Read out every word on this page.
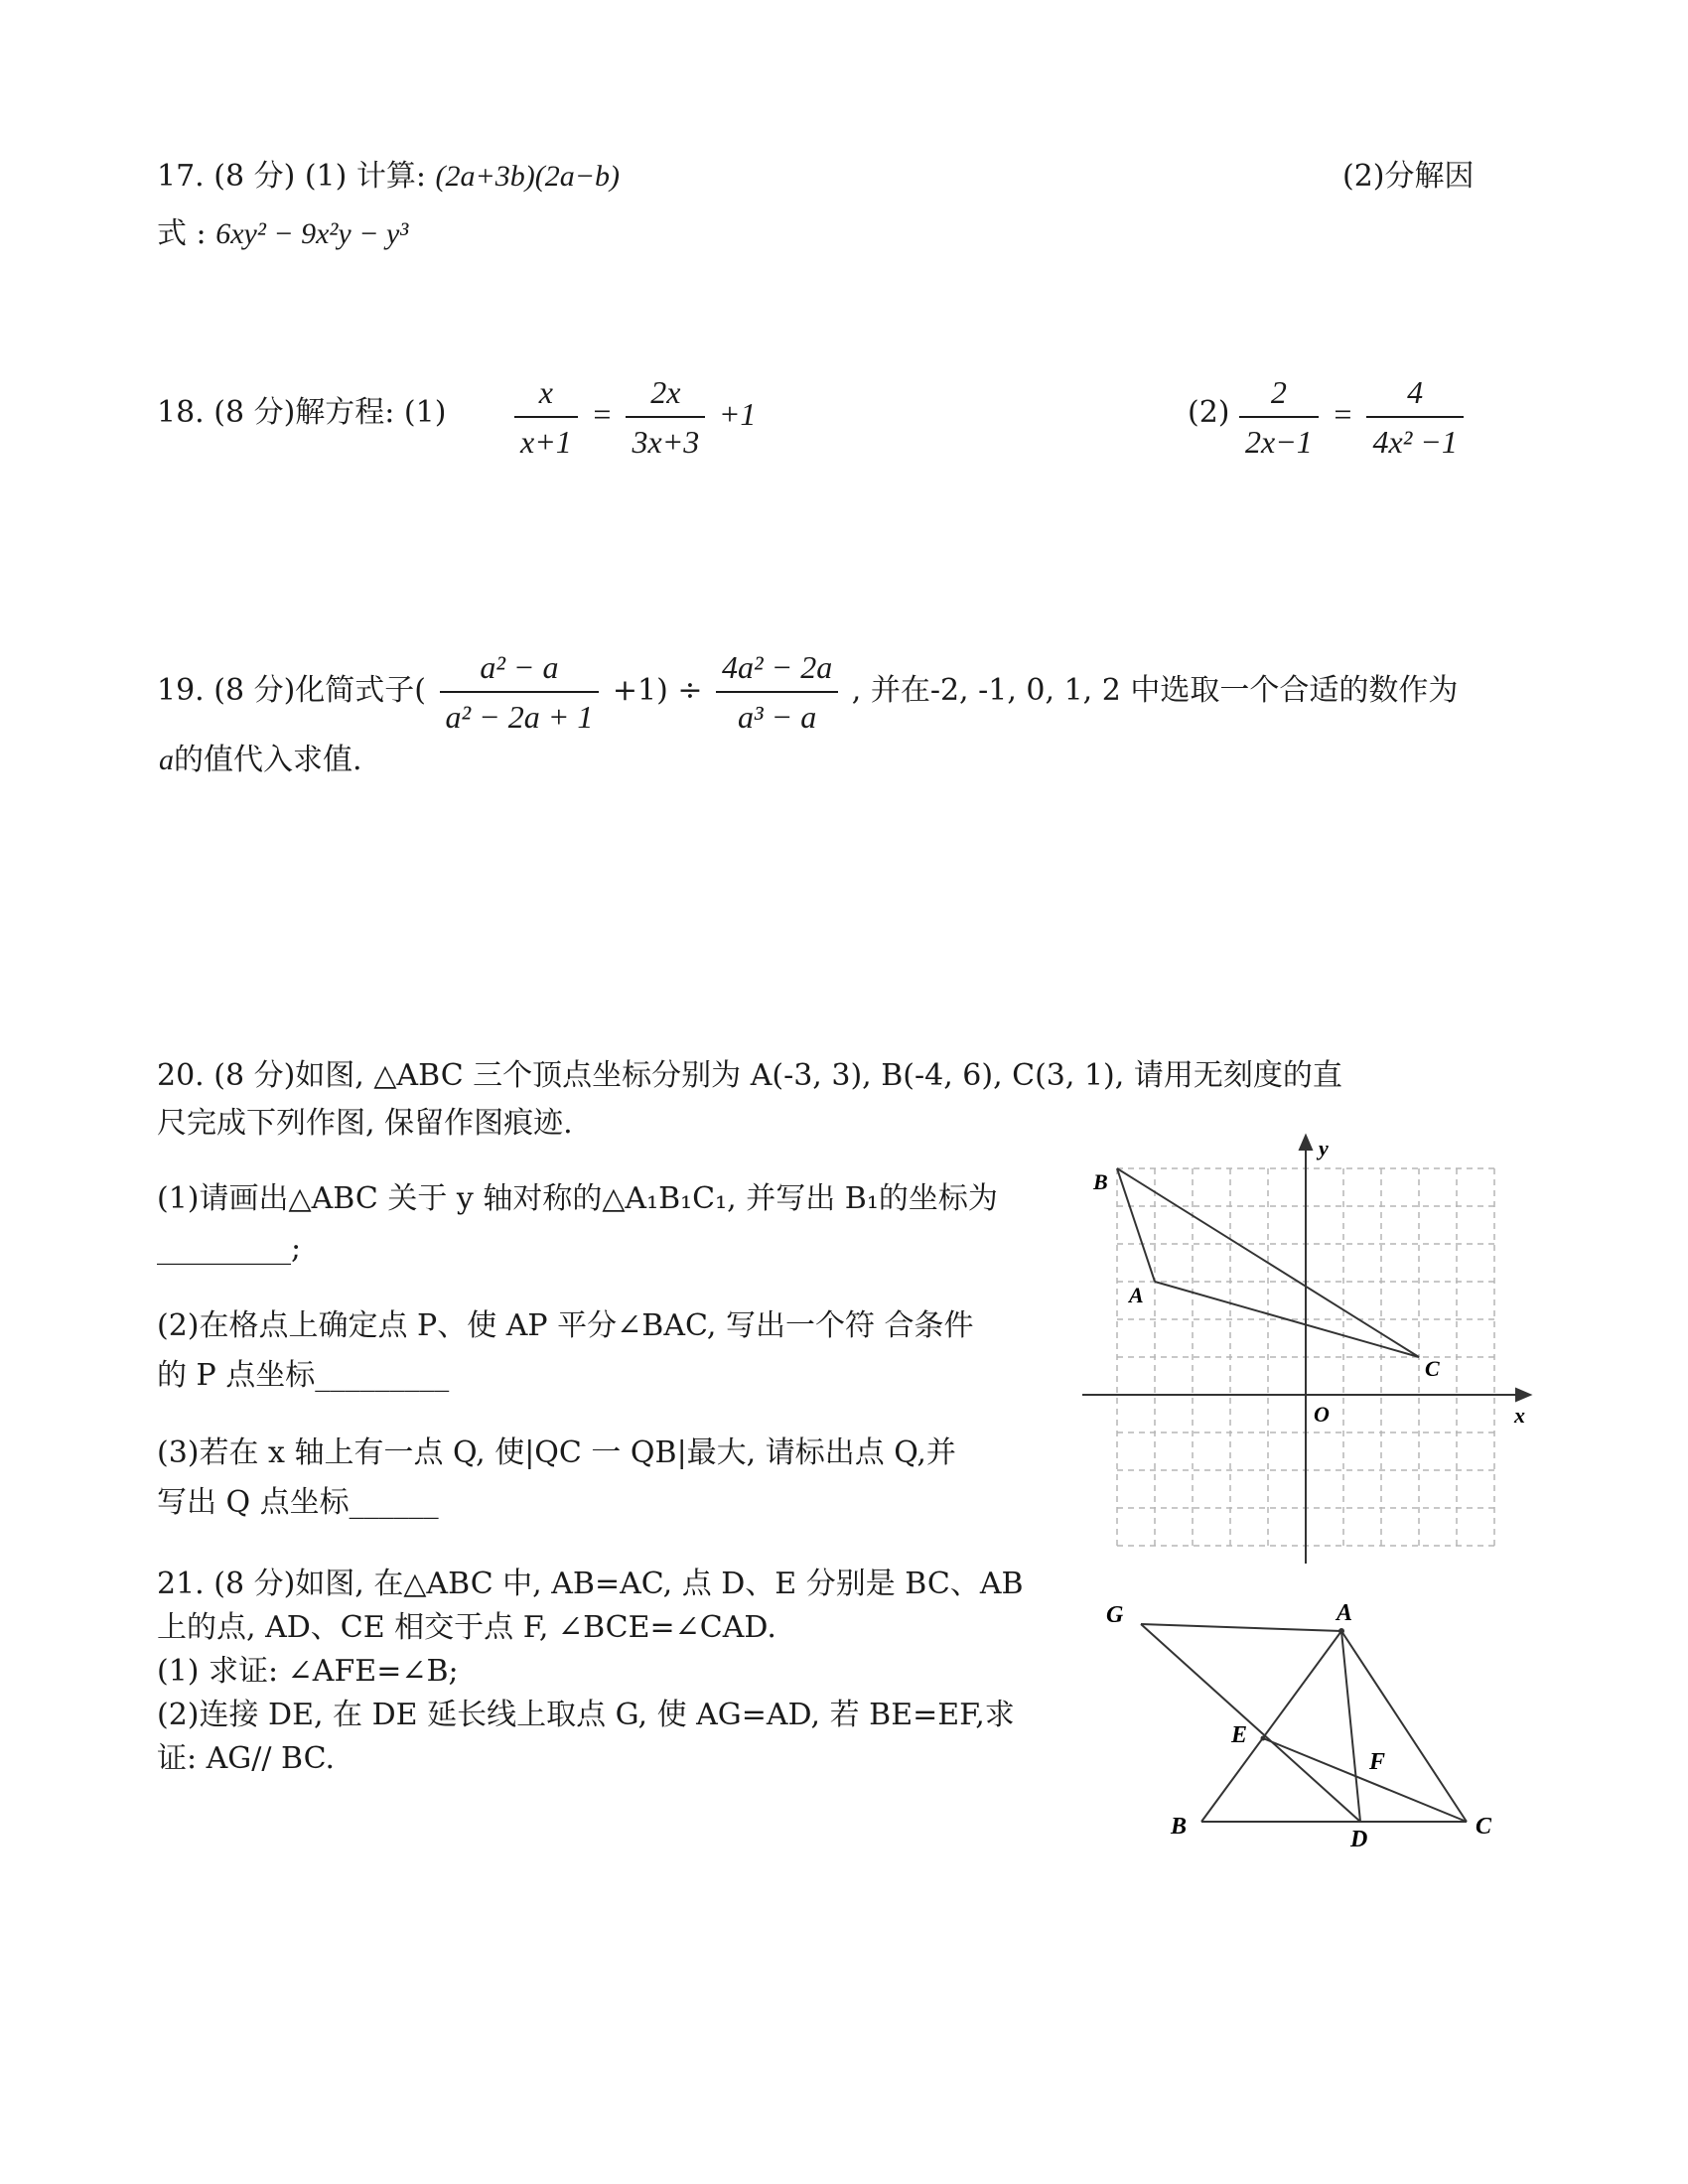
17. (8 分) (1) 计算: (2a+3b)(2a−b)	(2)分解因
式 : 6xy² − 9x²y − y³
18. (8 分)解方程: $(1) \frac{x}{x+1} = \frac{2x}{3x+3} +1$	$(2) \frac{2}{2x-1} = \frac{4}{\text{4x² −1}}$
19. (8 分)化简式子( $\frac{\text{a² − a}}{\text{a² − 2a + 1}} +1) \div \frac{\text{4a² − 2a}}{\text{a³ − a}}$ , 并在-2, -1, 0, 1, 2 中选取一个合适的数作为
a的值代入求值.
20. (8 分)如图, △ABC 三个顶点坐标分别为 A(-3, 3), B(-4, 6), C(3, 1), 请用无刻度的直
尺完成下列作图, 保留作图痕迹.
(1)请画出△ABC 关于 y 轴对称的△A₁B₁C₁, 并写出 B₁的坐标为
_________;
(2)在格点上确定点 P、使 AP 平分∠BAC, 写出一个符 合条件
的 P 点坐标_________
(3)若在 x 轴上有一点 Q, 使|QC 一 QB|最大, 请标出点 Q,并
写出 Q 点坐标______
B
A
C
O	x
y
21. (8 分)如图, 在△ABC 中, AB=AC, 点 D、E 分别是 BC、AB
上的点, AD、CE 相交于点 F, ∠BCE=∠CAD.
(1) 求证: ∠AFE=∠B;
(2)连接 DE, 在 DE 延长线上取点 G, 使 AG=AD, 若 BE=EF,求
证: AG// BC.
G	A
E
F
B	D	C
